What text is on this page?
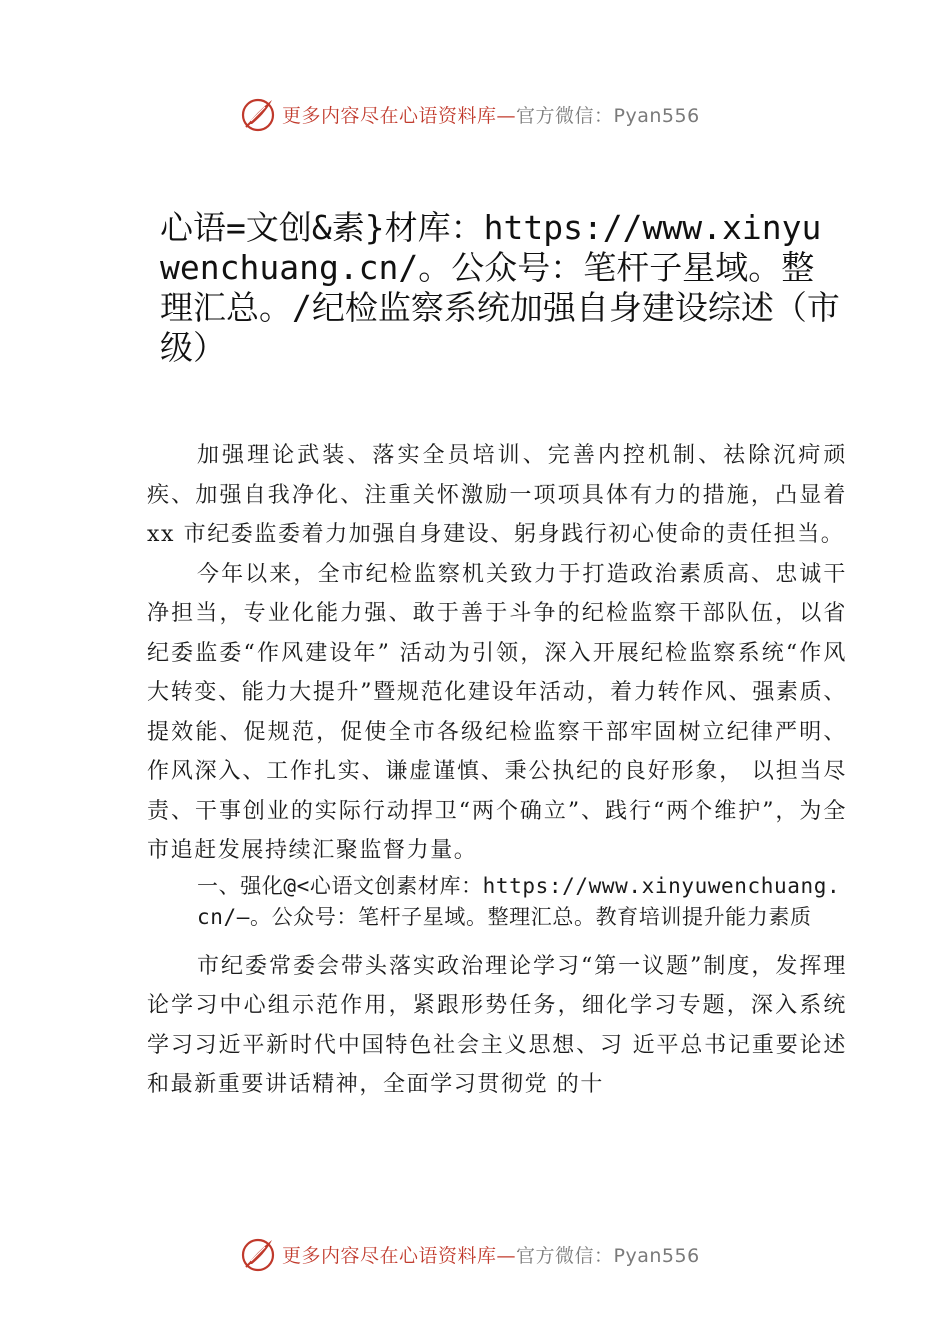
更多内容尽在心语资料库—官方微信：Pyan556
心语=文创&素}材库：https://www.xinyuwenchuang.cn/。公众号：笔杆子星域。整理汇总。/纪检监察系统加强自身建设综述（市级）

加强理论武装、落实全员培训、完善内控机制、祛除沉疴顽疾、加强自我净化、注重关怀激励一项项具体有力的措施，凸显着 xx 市纪委监委着力加强自身建设、躬身践行初心使命的责任担当。

今年以来，全市纪检监察机关致力于打造政治素质高、忠诚干净担当，专业化能力强、敢于善于斗争的纪检监察干部队伍，以省纪委监委“作风建设年” 活动为引领，深入开展纪检监察系统“作风大转变、能力大提升”暨规范化建设年活动，着力转作风、强素质、提效能、促规范，促使全市各级纪检监察干部牢固树立纪律严明、作风深入、工作扎实、谦虚谨慎、秉公执纪的良好形象， 以担当尽责、干事创业的实际行动捍卫“两个确立”、践行“两个维护”，为全市追赶发展持续汇聚监督力量。

一、强化@<心语文创素材库：https://www.xinyuwenchuang.cn/—。公众号：笔杆子星域。整理汇总。教育培训提升能力素质

市纪委常委会带头落实政治理论学习“第一议题”制度，发挥理论学习中心组示范作用，紧跟形势任务，细化学习专题，深入系统学习习近平新时代中国特色社会主义思想、习 近平总书记重要论述和最新重要讲话精神，全面学习贯彻党 的十

更多内容尽在心语资料库—官方微信：Pyan556
